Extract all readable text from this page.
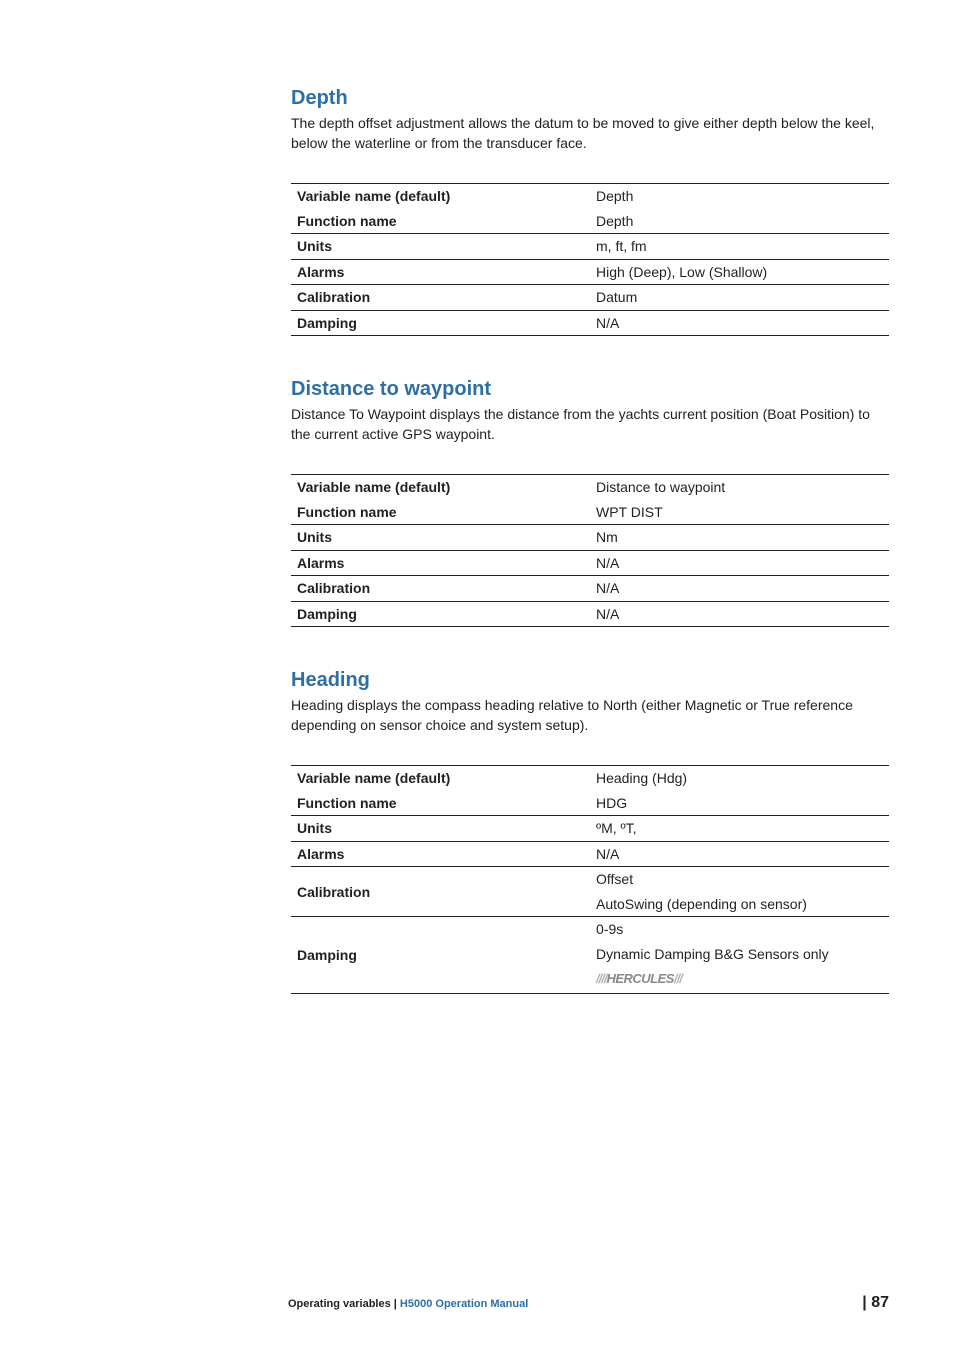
Depth

The depth offset adjustment allows the datum to be moved to give either depth below the keel, below the waterline or from the transducer face.

Variable name (default)	Depth
Function name	Depth
Units	m, ft, fm
Alarms	High (Deep), Low (Shallow)
Calibration	Datum
Damping	N/A
Distance to waypoint

Distance To Waypoint displays the distance from the yachts current position (Boat Position) to the current active GPS waypoint.

Variable name (default)	Distance to waypoint
Function name	WPT DIST
Units	Nm
Alarms	N/A
Calibration	N/A
Damping	N/A
Heading

Heading displays the compass heading relative to North (either Magnetic or True reference depending on sensor choice and system setup).

Variable name (default)	Heading (Hdg)
Function name	HDG
Units	ºM, ºT,
Alarms	N/A
Calibration	Offset
AutoSwing (depending on sensor)

Damping	0-9s
Dynamic Damping B&G Sensors only
////HERCULES///
Operating variables | H5000 Operation Manual	| 87
